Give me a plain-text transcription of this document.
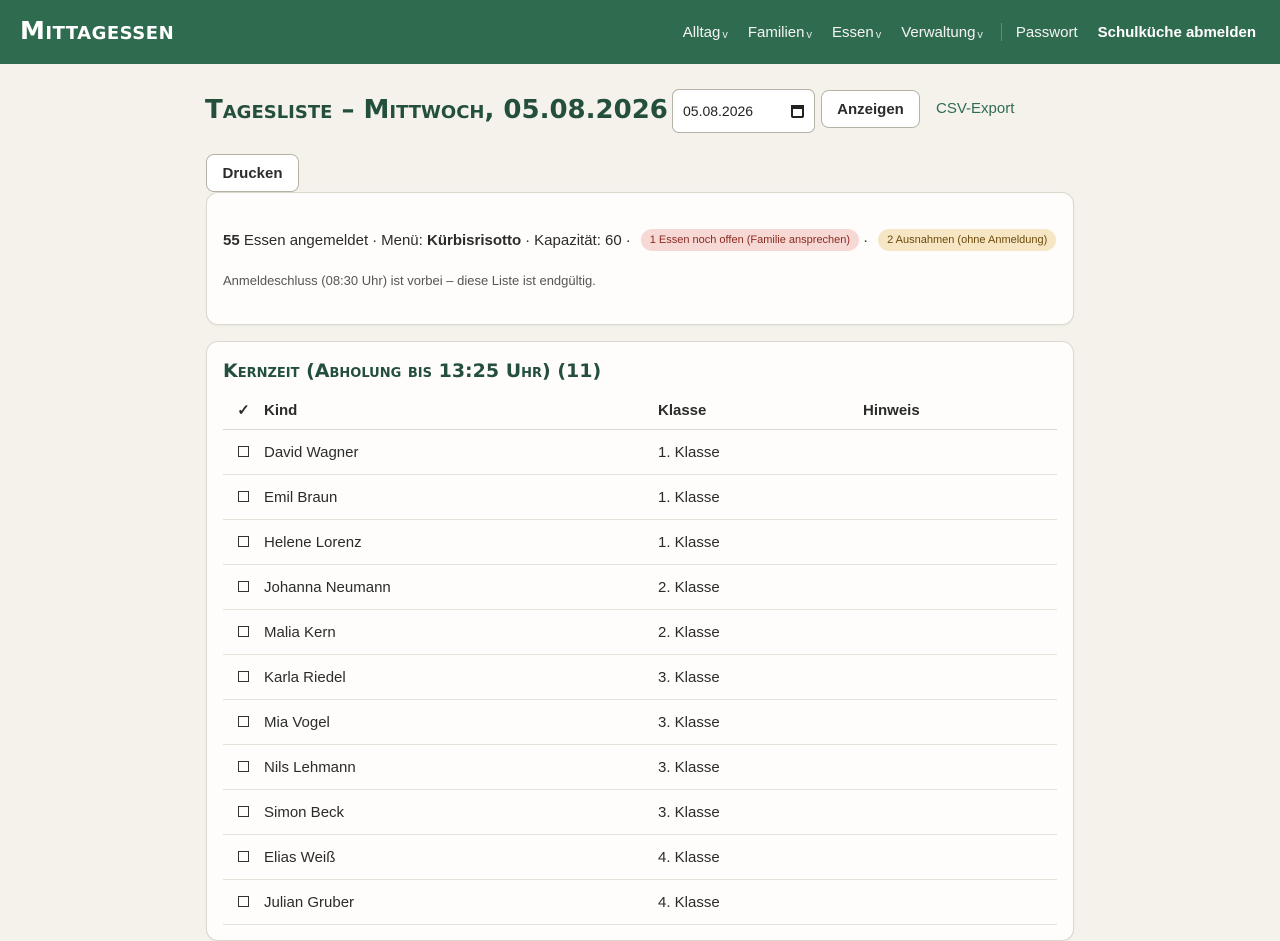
Mittagessen	Alltag v Familien v Essen v Verwaltung v Passwort Schulküche abmelden
Tagesliste – Mittwoch, 05.08.2026 05.08.2026	Anzeigen	CSV-Export
Drucken
55
Essen angemeldet · Menü:
Kürbisrisotto · Kapazität: 60 ·	1 Essen noch offen (Familie ansprechen) ·	2 Ausnahmen (ohne Anmeldung)
Anmeldeschluss (08:30 Uhr) ist vorbei – diese Liste ist endgültig.
Kernzeit (Abholung bis 13:25 Uhr) (11)
✓	Kind	Klasse	Hinweis
	David Wagner	1. Klasse	
	Emil Braun	1. Klasse	
	Helene Lorenz	1. Klasse	
	Johanna Neumann	2. Klasse	
	Malia Kern	2. Klasse	
	Karla Riedel	3. Klasse	
	Mia Vogel	3. Klasse	
	Nils Lehmann	3. Klasse	
	Simon Beck	3. Klasse	
	Elias Weiß	4. Klasse	
	Julian Gruber	4. Klasse	
